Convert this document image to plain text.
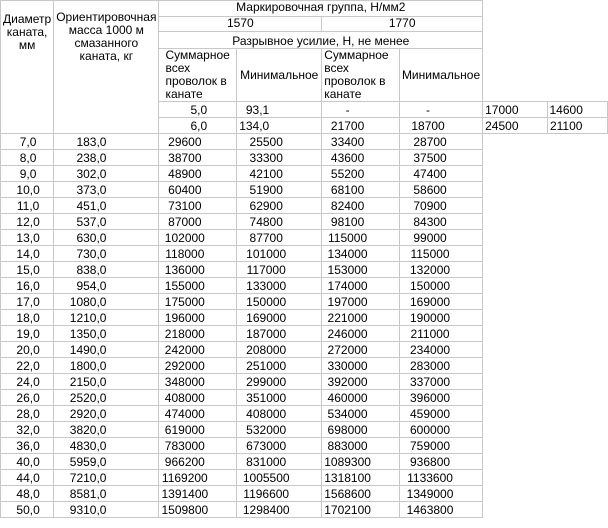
Диаметр каната, мм	Ориентировочная масса 1000 м смазанного каната, кг	Маркировочная группа, Н/мм2					
		1570		1770			
		Разрывное усилие, Н, не менее					
		Суммарное всех проволок в канате	Минимальное	Суммарное всех проволок в канате	Минимальное		
		5,0	93,1	-	-	17000	14600
		6,0	134,0	21700	18700	24500	21100
7,0	183,0	29600	25500	33400	28700		
8,0	238,0	38700	33300	43600	37500		
9,0	302,0	48900	42100	55200	47400		
10,0	373,0	60400	51900	68100	58600		
11,0	451,0	73100	62900	82400	70900		
12,0	537,0	87000	74800	98100	84300		
13,0	630,0	102000	87700	115000	99000		
14,0	730,0	118000	101000	134000	115000		
15,0	838,0	136000	117000	153000	132000		
16,0	954,0	155000	133000	174000	150000		
17,0	1080,0	175000	150000	197000	169000		
18,0	1210,0	196000	169000	221000	190000		
19,0	1350,0	218000	187000	246000	211000		
20,0	1490,0	242000	208000	272000	234000		
22,0	1800,0	292000	251000	330000	283000		
24,0	2150,0	348000	299000	392000	337000		
26,0	2520,0	408000	351000	460000	396000		
28,0	2920,0	474000	408000	534000	459000		
32,0	3820,0	619000	532000	698000	600000		
36,0	4830,0	783000	673000	883000	759000		
40,0	5959,0	966200	831000	1089300	936800		
44,0	7210,0	1169200	1005500	1318100	1133600		
48,0	8581,0	1391400	1196600	1568600	1349000		
50,0	9310,0	1509800	1298400	1702100	1463800		
